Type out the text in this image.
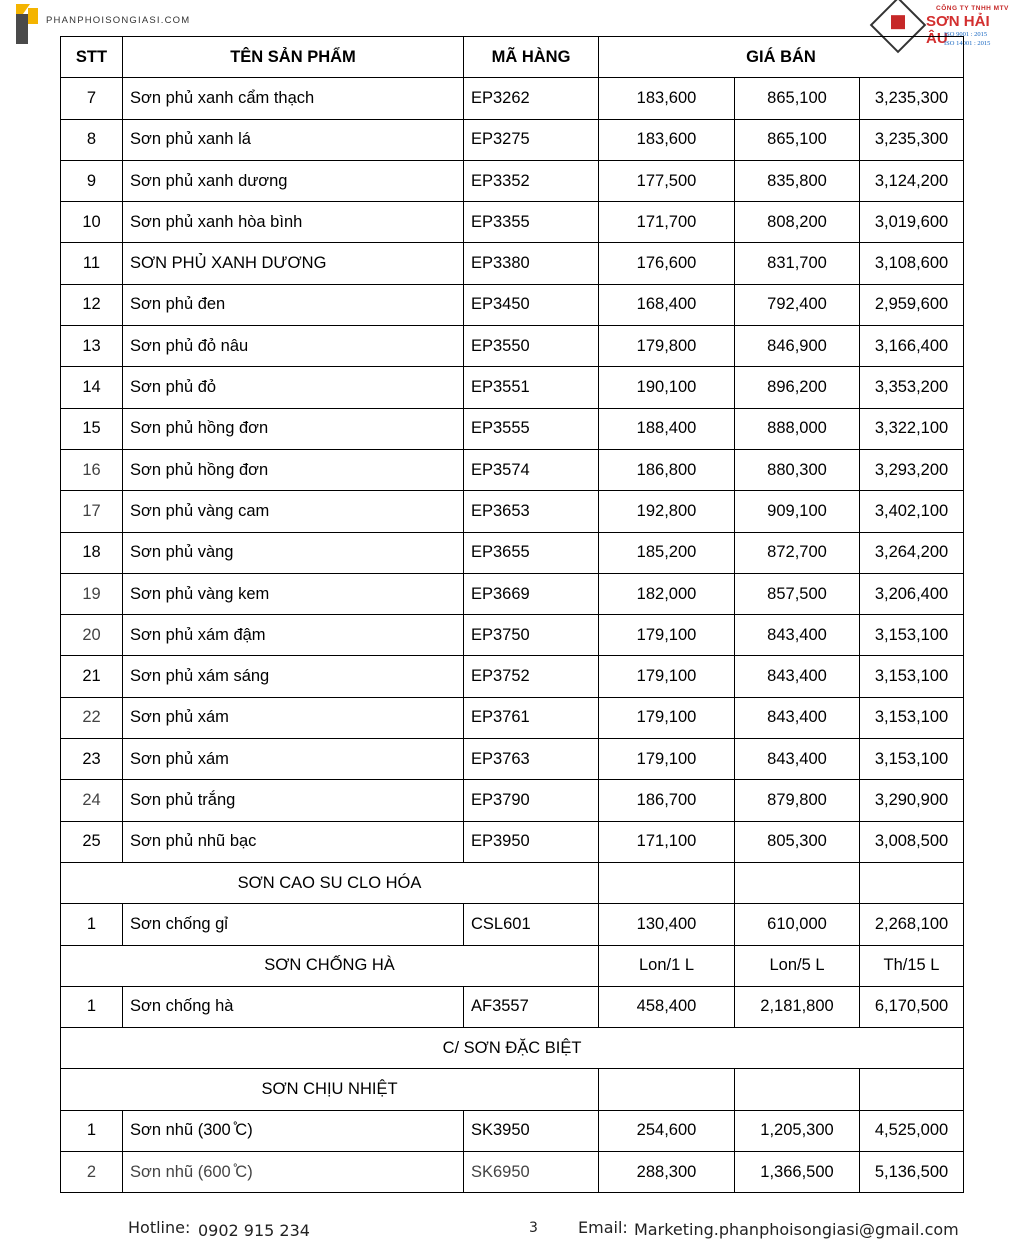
PHANPHOISONGIASI.COM
CÔNG TY TNHH MTV
SƠN HẢI ÂU
ISO 9001 : 2015
ISO 14001 : 2015
STT	TÊN SẢN PHẨM	MÃ HÀNG	GIÁ BÁN		
7	Sơn phủ xanh cẩm thạch	EP3262	183,600	865,100	3,235,300
8	Sơn phủ xanh lá	EP3275	183,600	865,100	3,235,300
9	Sơn phủ xanh dương	EP3352	177,500	835,800	3,124,200
10	Sơn phủ xanh hòa bình	EP3355	171,700	808,200	3,019,600
11	SƠN PHỦ XANH DƯƠNG	EP3380	176,600	831,700	3,108,600
12	Sơn phủ đen	EP3450	168,400	792,400	2,959,600
13	Sơn phủ đỏ nâu	EP3550	179,800	846,900	3,166,400
14	Sơn phủ đỏ	EP3551	190,100	896,200	3,353,200
15	Sơn phủ hồng đơn	EP3555	188,400	888,000	3,322,100
16	Sơn phủ hồng đơn	EP3574	186,800	880,300	3,293,200
17	Sơn phủ vàng cam	EP3653	192,800	909,100	3,402,100
18	Sơn phủ vàng	EP3655	185,200	872,700	3,264,200
19	Sơn phủ vàng kem	EP3669	182,000	857,500	3,206,400
20	Sơn phủ xám đậm	EP3750	179,100	843,400	3,153,100
21	Sơn phủ xám sáng	EP3752	179,100	843,400	3,153,100
22	Sơn phủ xám	EP3761	179,100	843,400	3,153,100
23	Sơn phủ xám	EP3763	179,100	843,400	3,153,100
24	Sơn phủ trắng	EP3790	186,700	879,800	3,290,900
25	Sơn phủ nhũ bạc	EP3950	171,100	805,300	3,008,500
SƠN CAO SU CLO HÓA					
1	Sơn chống gỉ	CSL601	130,400	610,000	2,268,100
SƠN CHỐNG HÀ			Lon/1 L	Lon/5 L	Th/15 L
1	Sơn chống hà	AF3557	458,400	2,181,800	6,170,500
C/ SƠN ĐẶC BIỆT					
SƠN CHỊU NHIỆT					
1	Sơn nhũ (300 ̊C)	SK3950	254,600	1,205,300	4,525,000
2	Sơn nhũ (600 ̊C)	SK6950	288,300	1,366,500	5,136,500
Hotline: 0902 915 234	3	Email: Marketing.phanphoisongiasi@gmail.com
